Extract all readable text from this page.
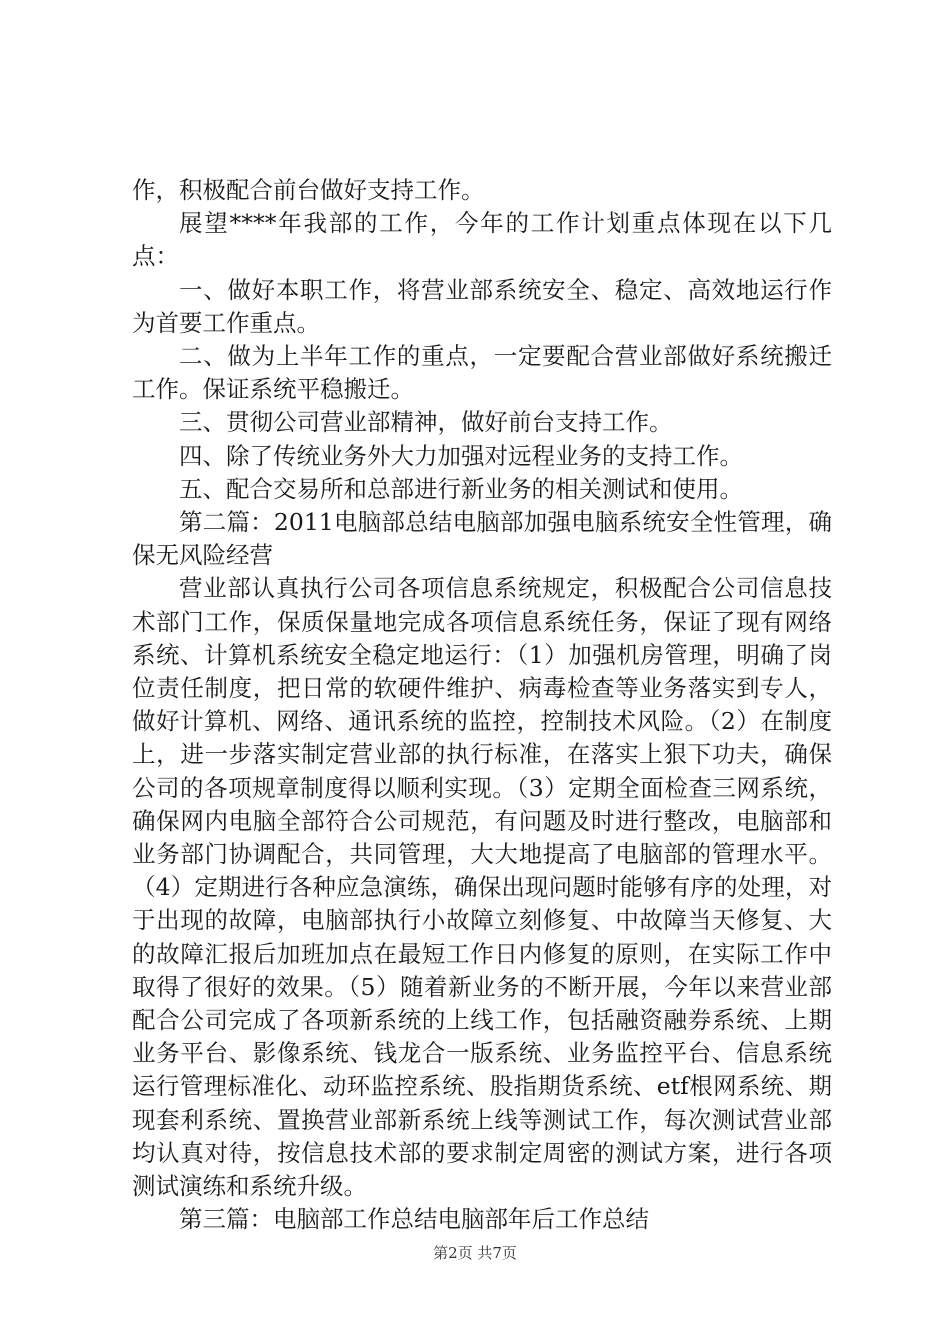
作，积极配合前台做好支持工作。

展望****年我部的工作，今年的工作计划重点体现在以下几点：

一、做好本职工作，将营业部系统安全、稳定、高效地运行作为首要工作重点。

二、做为上半年工作的重点，一定要配合营业部做好系统搬迁工作。保证系统平稳搬迁。

三、贯彻公司营业部精神，做好前台支持工作。

四、除了传统业务外大力加强对远程业务的支持工作。

五、配合交易所和总部进行新业务的相关测试和使用。

第二篇：2011电脑部总结电脑部加强电脑系统安全性管理，确保无风险经营

营业部认真执行公司各项信息系统规定，积极配合公司信息技术部门工作，保质保量地完成各项信息系统任务，保证了现有网络系统、计算机系统安全稳定地运行：（1）加强机房管理，明确了岗位责任制度，把日常的软硬件维护、病毒检查等业务落实到专人，做好计算机、网络、通讯系统的监控，控制技术风险。（2）在制度上，进一步落实制定营业部的执行标准，在落实上狠下功夫，确保公司的各项规章制度得以顺利实现。（3）定期全面检查三网系统，确保网内电脑全部符合公司规范，有问题及时进行整改，电脑部和业务部门协调配合，共同管理，大大地提高了电脑部的管理水平。（4）定期进行各种应急演练，确保出现问题时能够有序的处理，对于出现的故障，电脑部执行小故障立刻修复、中故障当天修复、大的故障汇报后加班加点在最短工作日内修复的原则，在实际工作中取得了很好的效果。（5）随着新业务的不断开展，今年以来营业部配合公司完成了各项新系统的上线工作，包括融资融券系统、上期业务平台、影像系统、钱龙合一版系统、业务监控平台、信息系统运行管理标准化、动环监控系统、股指期货系统、etf根网系统、期现套利系统、置换营业部新系统上线等测试工作，每次测试营业部均认真对待，按信息技术部的要求制定周密的测试方案，进行各项测试演练和系统升级。

第三篇：电脑部工作总结电脑部年后工作总结

第2页 共7页
